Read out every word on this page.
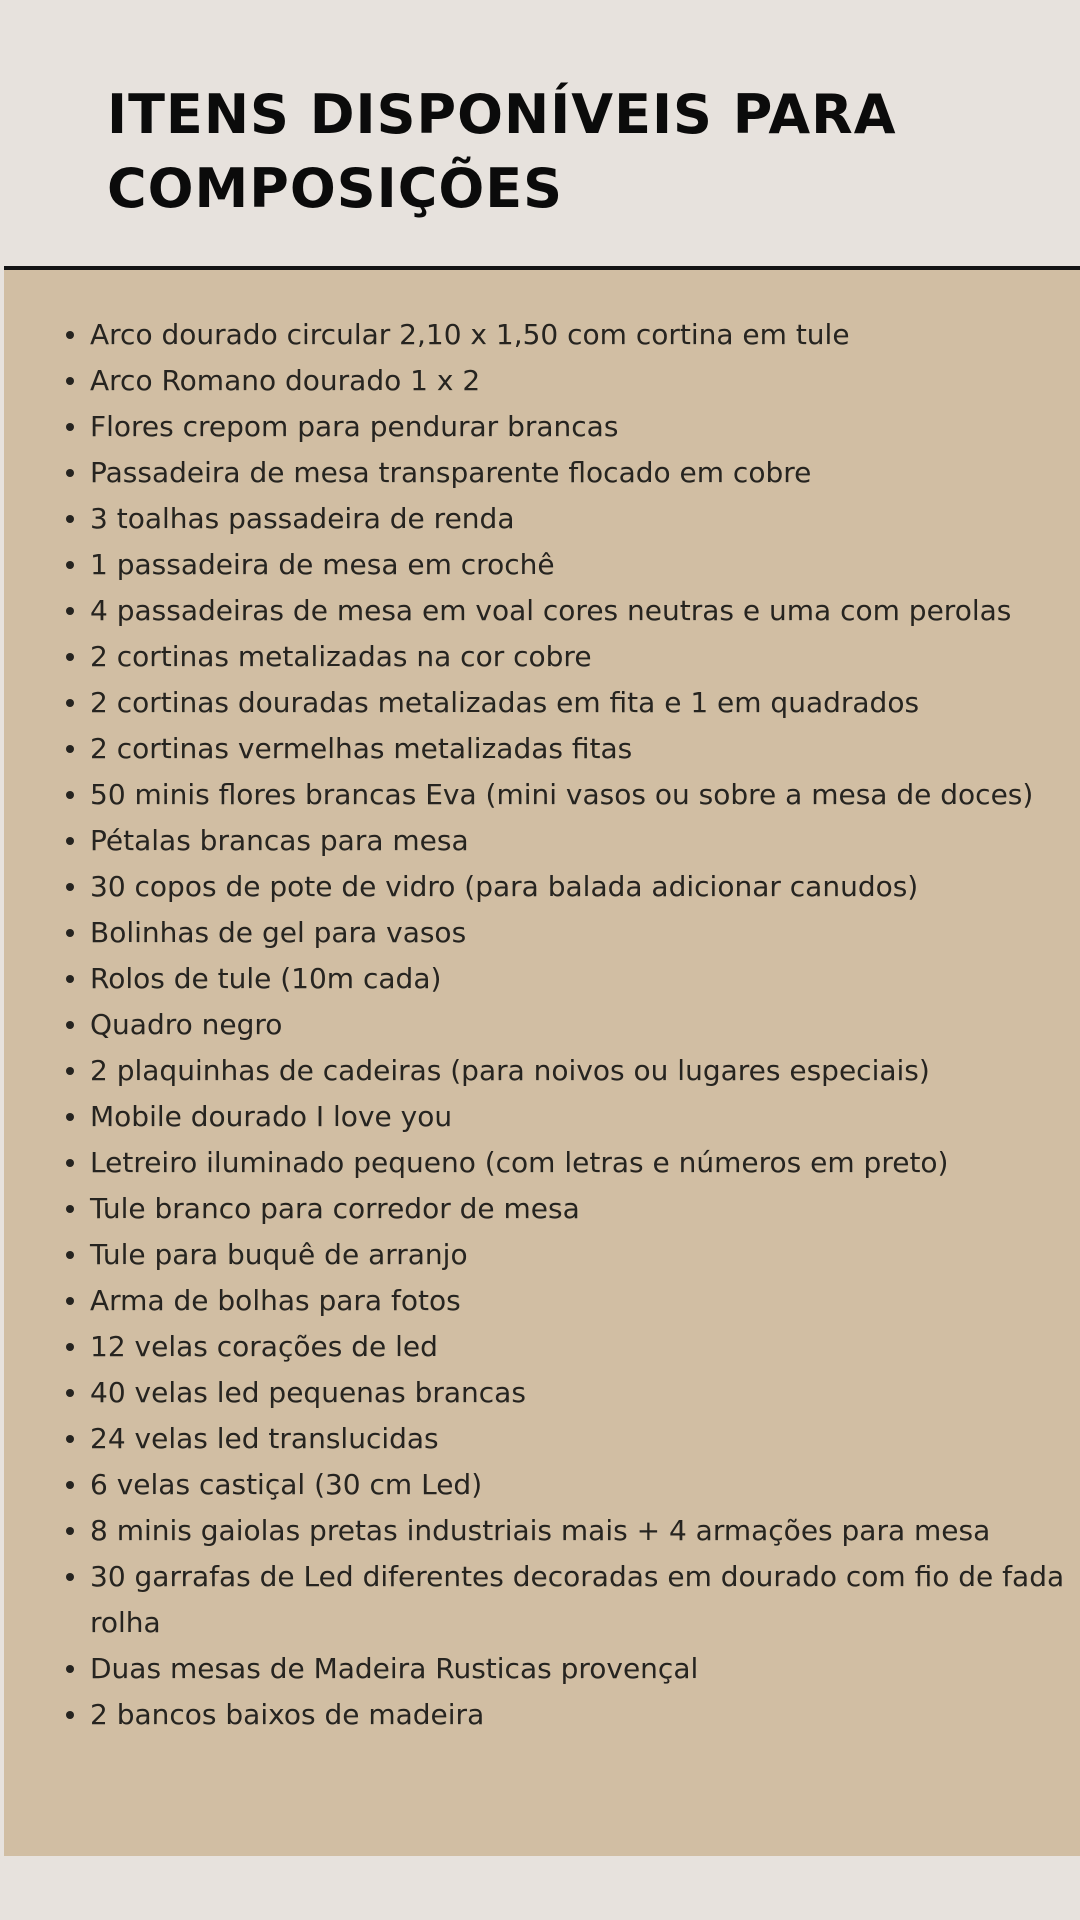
ITENS DISPONÍVEIS PARA
COMPOSIÇÕES
Arco dourado circular 2,10 x 1,50 com cortina em tule
Arco Romano dourado 1 x 2
Flores crepom para pendurar brancas
Passadeira de mesa transparente flocado em cobre
3 toalhas passadeira de renda
1 passadeira de mesa em crochê
4 passadeiras de mesa em voal cores neutras e uma com perolas
2 cortinas metalizadas na cor cobre
2 cortinas douradas metalizadas em fita e 1 em quadrados
2 cortinas vermelhas metalizadas fitas
50 minis flores brancas Eva (mini vasos ou sobre a mesa de doces)
Pétalas brancas para mesa
30 copos de pote de vidro (para balada adicionar canudos)
Bolinhas de gel para vasos
Rolos de tule (10m cada)
Quadro negro
2 plaquinhas de cadeiras (para noivos ou lugares especiais)
Mobile dourado I love you
Letreiro iluminado pequeno (com letras e números em preto)
Tule branco para corredor de mesa
Tule para buquê de arranjo
Arma de bolhas para fotos
12 velas corações de led
40 velas led pequenas brancas
24 velas led translucidas
6 velas castiçal (30 cm Led)
8 minis gaiolas pretas industriais mais + 4 armações para mesa
30 garrafas de Led diferentes decoradas em dourado com fio de fada rolha
Duas mesas de Madeira Rusticas provençal
2 bancos baixos de madeira
